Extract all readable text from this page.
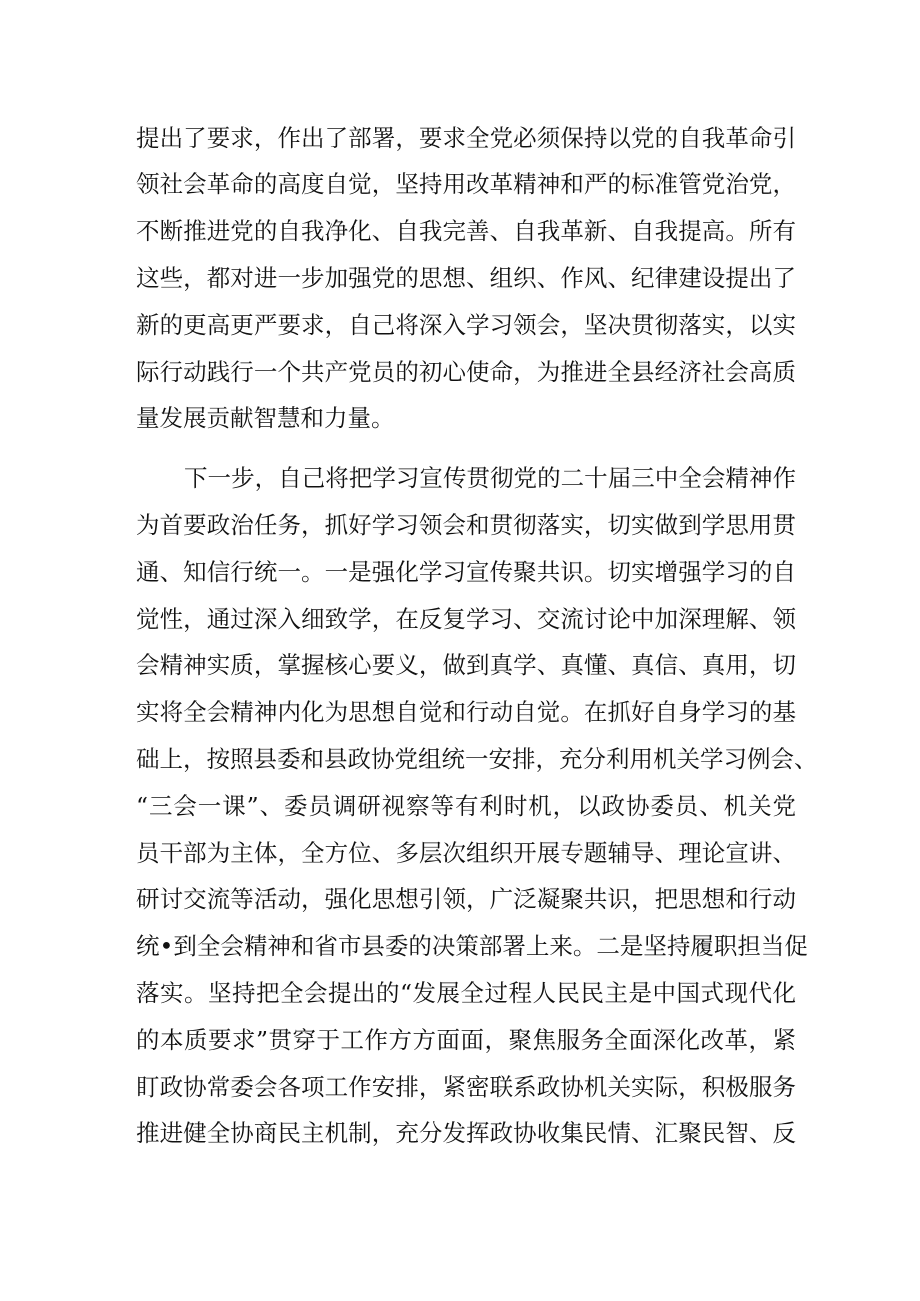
提出了要求，作出了部署，要求全党必须保持以党的自我革命引
领社会革命的高度自觉，坚持用改革精神和严的标准管党治党，
不断推进党的自我净化、自我完善、自我革新、自我提高。所有
这些，都对进一步加强党的思想、组织、作风、纪律建设提出了
新的更高更严要求，自己将深入学习领会，坚决贯彻落实，以实
际行动践行一个共产党员的初心使命，为推进全县经济社会高质
量发展贡献智慧和力量。
下一步，自己将把学习宣传贯彻党的二十届三中全会精神作
为首要政治任务，抓好学习领会和贯彻落实，切实做到学思用贯
通、知信行统一。一是强化学习宣传聚共识。切实增强学习的自
觉性，通过深入细致学，在反复学习、交流讨论中加深理解、领
会精神实质，掌握核心要义，做到真学、真懂、真信、真用，切
实将全会精神内化为思想自觉和行动自觉。在抓好自身学习的基
础上，按照县委和县政协党组统一安排，充分利用机关学习例会、
“三会一课”、委员调研视察等有利时机，以政协委员、机关党
员干部为主体，全方位、多层次组织开展专题辅导、理论宣讲、
研讨交流等活动，强化思想引领，广泛凝聚共识，把思想和行动
统•到全会精神和省市县委的决策部署上来。二是坚持履职担当促
落实。坚持把全会提出的“发展全过程人民民主是中国式现代化
的本质要求”贯穿于工作方方面面，聚焦服务全面深化改革，紧
盯政协常委会各项工作安排，紧密联系政协机关实际，积极服务
推进健全协商民主机制，充分发挥政协收集民情、汇聚民智、反
